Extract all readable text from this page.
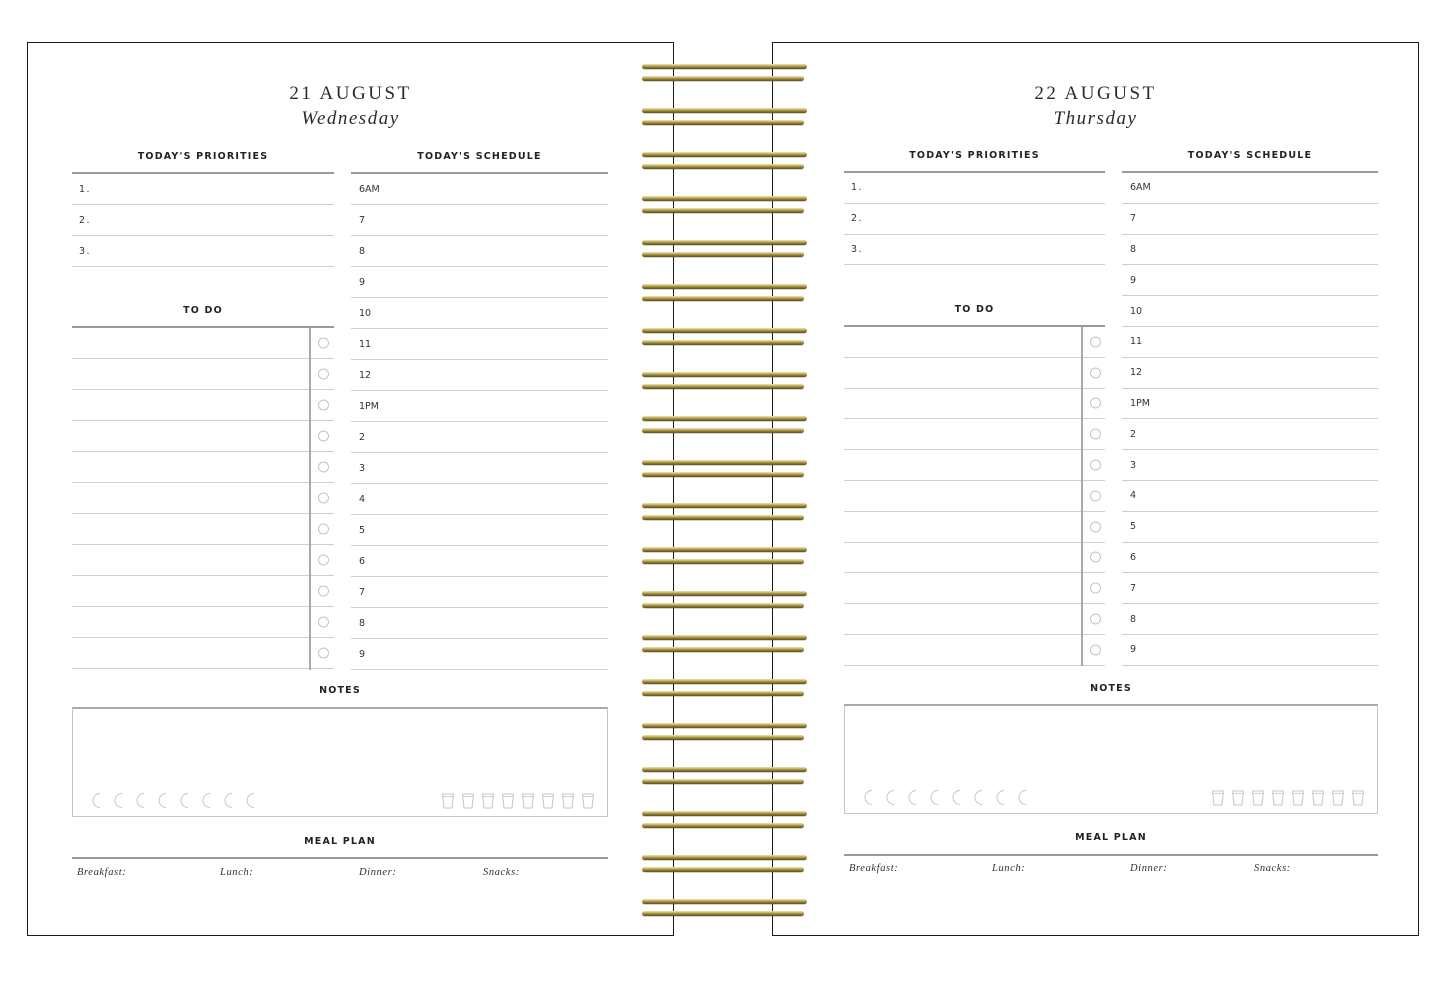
21 AUGUST
Wednesday
TODAY'S PRIORITIES	TODAY'S SCHEDULE
1.
2.
3.
6AM
7
8
9
10
11
12
1PM
2
3
4
5
6
7
8
9
TO DO
NOTES
MEAL PLAN
Breakfast:	Lunch:	Dinner:	Snacks:
22 AUGUST
Thursday
TODAY'S PRIORITIES	TODAY'S SCHEDULE
1.
2.
3.
6AM
7
8
9
10
11
12
1PM
2
3
4
5
6
7
8
9
TO DO
NOTES
MEAL PLAN
Breakfast:	Lunch:	Dinner:	Snacks:
